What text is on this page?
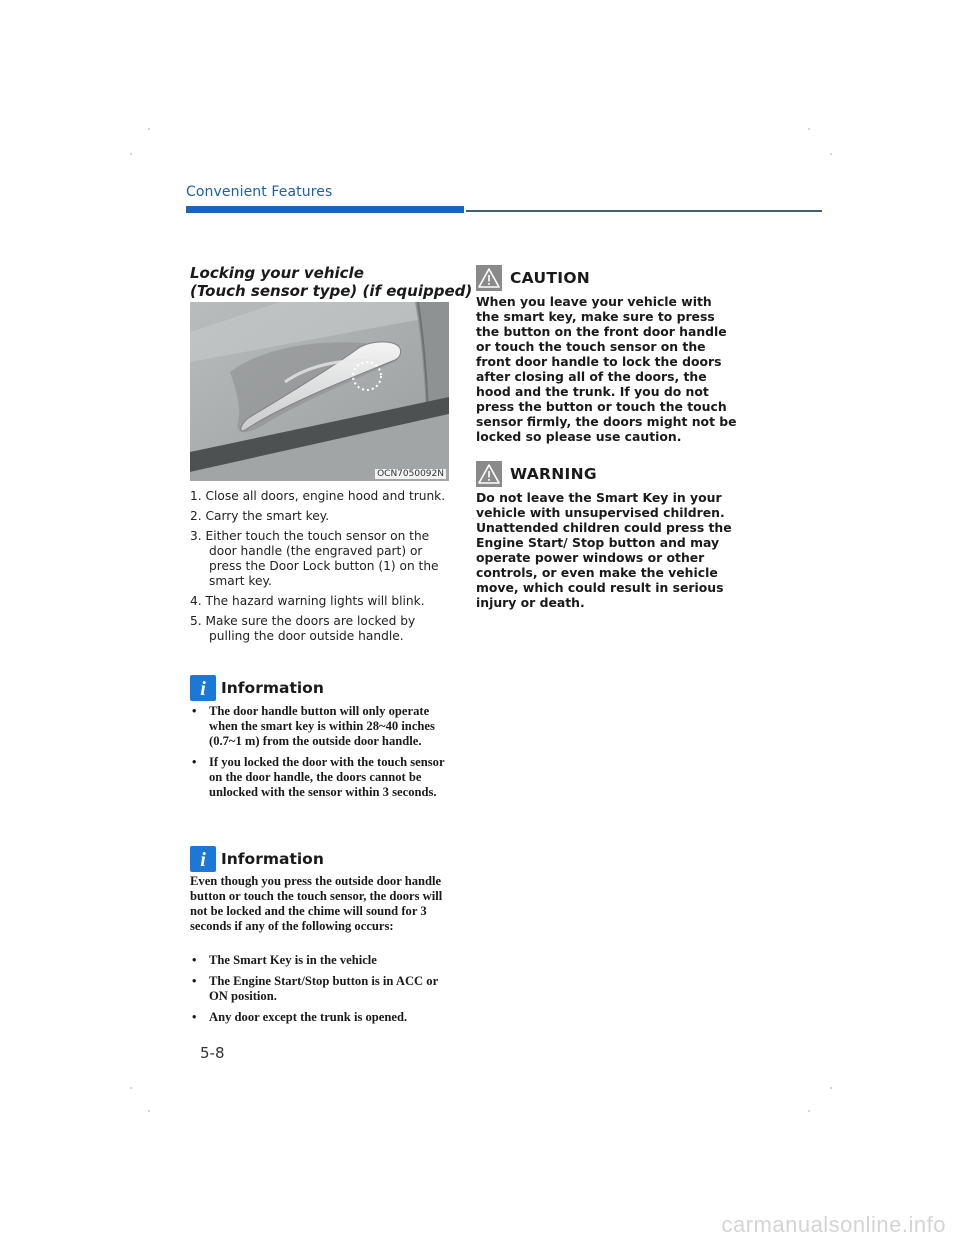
Convenient Features
Locking your vehicle
(Touch sensor type) (if equipped)
OCN7050092N
1. Close all doors, engine hood and trunk.
2. Carry the smart key.
3. Either touch the touch sensor on the door handle (the engraved part) or press the Door Lock button (1) on the smart key.
4. The hazard warning lights will blink.
5. Make sure the doors are locked by pulling the door outside handle.
i Information
• The door handle button will only operate when the smart key is within 28~40 inches (0.7~1 m) from the outside door handle.
• If you locked the door with the touch sensor on the door handle, the doors cannot be unlocked with the sensor within 3 seconds.
i Information

Even though you press the outside door handle button or touch the touch sensor, the doors will not be locked and the chime will sound for 3 seconds if any of the following occurs:

• The Smart Key is in the vehicle
• The Engine Start/Stop button is in ACC or ON position.
• Any door except the trunk is opened.
5-8
CAUTION

When you leave your vehicle with the smart key, make sure to press the button on the front door handle or touch the touch sensor on the front door handle to lock the doors after closing all of the doors, the hood and the trunk. If you do not press the button or touch the touch sensor firmly, the doors might not be locked so please use caution.

WARNING

Do not leave the Smart Key in your vehicle with unsupervised children. Unattended children could press the Engine Start/ Stop button and may operate power windows or other controls, or even make the vehicle move, which could result in serious injury or death.

carmanualsonline.info
